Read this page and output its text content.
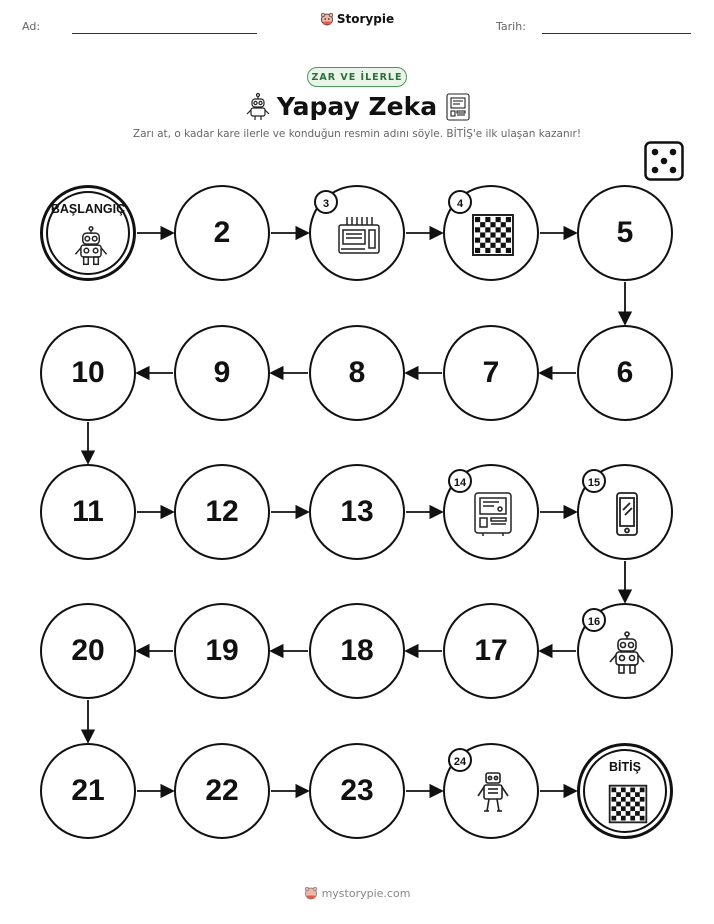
Ad:	Tarih:
Storypie
ZAR VE İLERLE
Yapay Zeka
Zarı at, o kadar kare ilerle ve konduğun resmin adını söyle. BİTİŞ'e ilk ulaşan kazanır!
BAŞLANGIÇ
2
3	4
5
6
7
8
9
10
11	12	13
14	15
16
17
18
19
20
21	22	23
24	BİTİŞ
mystorypie.com
